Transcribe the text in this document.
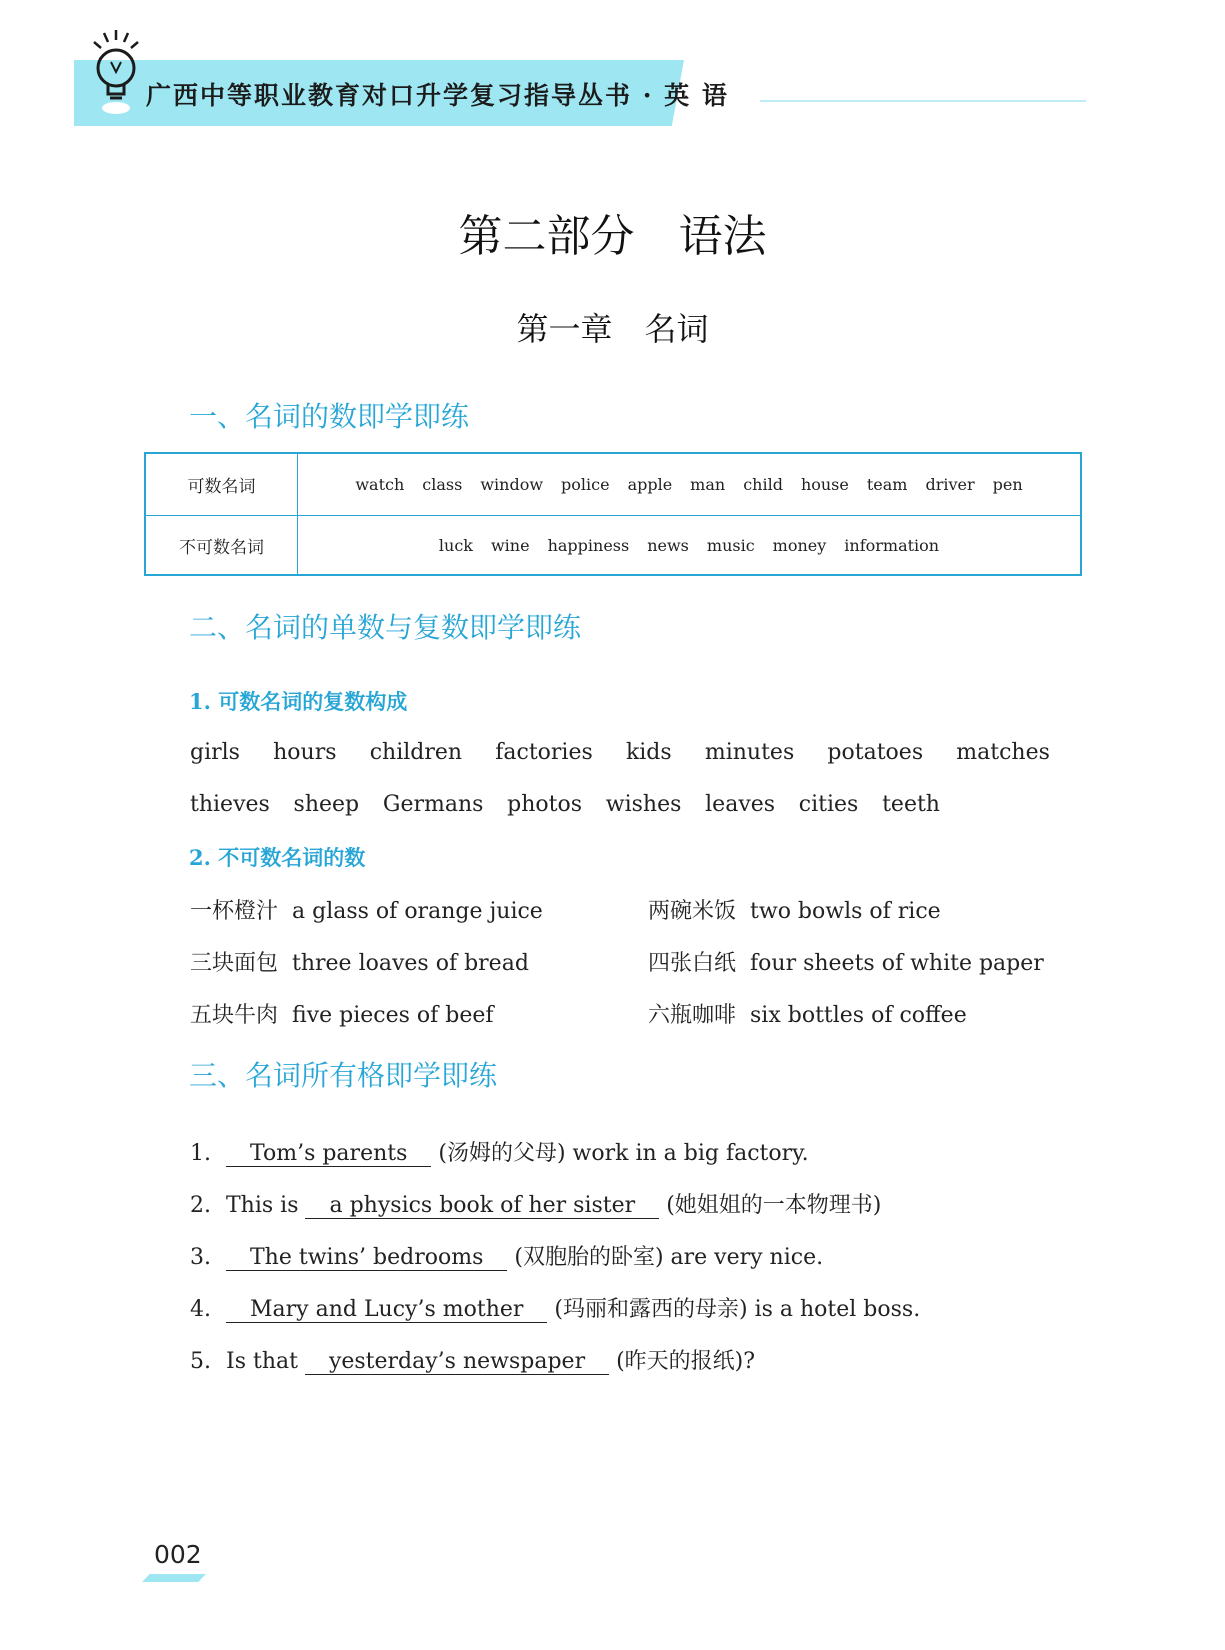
广西中等职业教育对口升学复习指导丛书 · 英 语
第二部分　语法
第一章　名词
一、名词的数即学即练
可数名词	watch class window police apple man child house team driver pen
不可数名词	luck wine happiness news music money information
二、名词的单数与复数即学即练
1. 可数名词的复数构成
girls hours children factories kids minutes potatoes matches
thieves sheep Germans photos wishes leaves cities teeth
2. 不可数名词的数
一杯橙汁 a glass of orange juice	两碗米饭 two bowls of rice
三块面包 three loaves of bread	四张白纸 four sheets of white paper
五块牛肉 five pieces of beef	六瓶咖啡 six bottles of coffee
三、名词所有格即学即练
1. Tom’s parents (汤姆的父母) work in a big factory.
2. This is a physics book of her sister (她姐姐的一本物理书)
3. The twins’ bedrooms (双胞胎的卧室) are very nice.
4. Mary and Lucy’s mother (玛丽和露西的母亲) is a hotel boss.
5. Is that yesterday’s newspaper (昨天的报纸)?
002
